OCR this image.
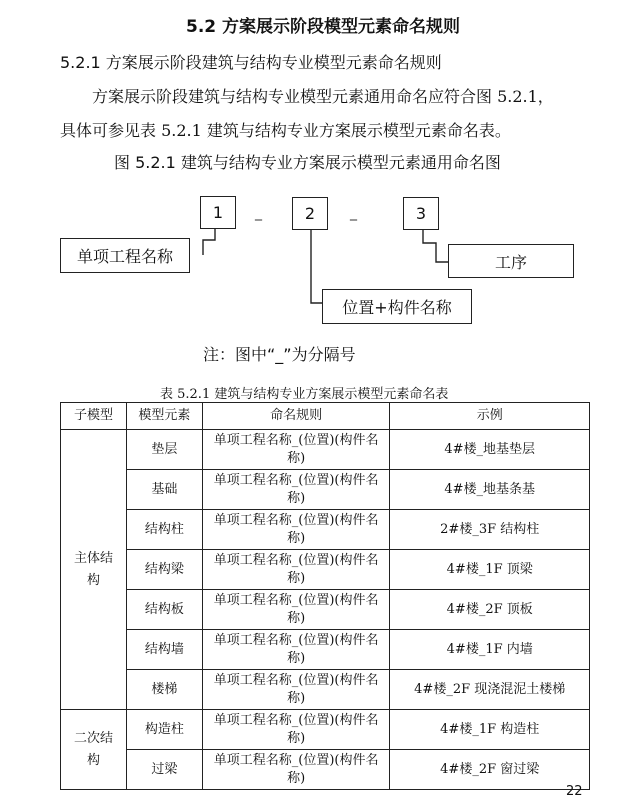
5.2 方案展示阶段模型元素命名规则
5.2.1 方案展示阶段建筑与结构专业模型元素命名规则
方案展示阶段建筑与结构专业模型元素通用命名应符合图 5.2.1，
具体可参见表 5.2.1 建筑与结构专业方案展示模型元素命名表。
图 5.2.1 建筑与结构专业方案展示模型元素通用命名图
1	_	2	_	3
单项工程名称
位置+构件名称
工序
注：图中“_”为分隔号
表 5.2.1 建筑与结构专业方案展示模型元素命名表
子模型	模型元素	命名规则	示例
主体结构	垫层	单项工程名称_(位置)(构件名称)	4#楼_地基垫层
	基础	单项工程名称_(位置)(构件名称)	4#楼_地基条基
	结构柱	单项工程名称_(位置)(构件名称)	2#楼_3F 结构柱
	结构梁	单项工程名称_(位置)(构件名称)	4#楼_1F 顶梁
	结构板	单项工程名称_(位置)(构件名称)	4#楼_2F 顶板
	结构墙	单项工程名称_(位置)(构件名称)	4#楼_1F 内墙
	楼梯	单项工程名称_(位置)(构件名称)	4#楼_2F 现浇混泥土楼梯
二次结构	构造柱	单项工程名称_(位置)(构件名称)	4#楼_1F 构造柱
	过梁	单项工程名称_(位置)(构件名称)	4#楼_2F 窗过梁
22
